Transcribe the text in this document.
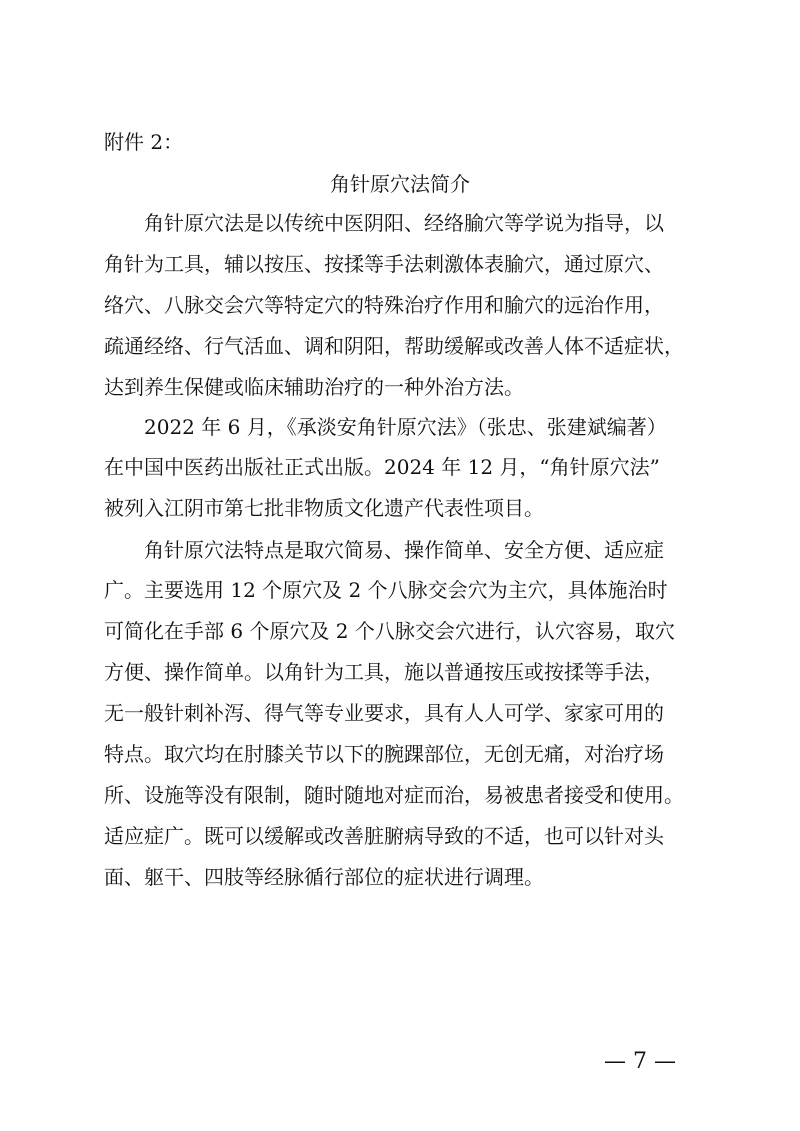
附件 2：
角针原穴法简介
角针原穴法是以传统中医阴阳、经络腧穴等学说为指导，以
角针为工具，辅以按压、按揉等手法刺激体表腧穴，通过原穴、
络穴、八脉交会穴等特定穴的特殊治疗作用和腧穴的远治作用，
疏通经络、行气活血、调和阴阳，帮助缓解或改善人体不适症状，
达到养生保健或临床辅助治疗的一种外治方法。
2022 年 6 月，《承淡安角针原穴法》（张忠、张建斌编著）
在中国中医药出版社正式出版。2024 年 12 月，“角针原穴法”
被列入江阴市第七批非物质文化遗产代表性项目。
角针原穴法特点是取穴简易、操作简单、安全方便、适应症
广。主要选用 12 个原穴及 2 个八脉交会穴为主穴，具体施治时
可简化在手部 6 个原穴及 2 个八脉交会穴进行，认穴容易，取穴
方便、操作简单。以角针为工具，施以普通按压或按揉等手法，
无一般针刺补泻、得气等专业要求，具有人人可学、家家可用的
特点。取穴均在肘膝关节以下的腕踝部位，无创无痛，对治疗场
所、设施等没有限制，随时随地对症而治，易被患者接受和使用。
适应症广。既可以缓解或改善脏腑病导致的不适，也可以针对头
面、躯干、四肢等经脉循行部位的症状进行调理。
— 7 —
